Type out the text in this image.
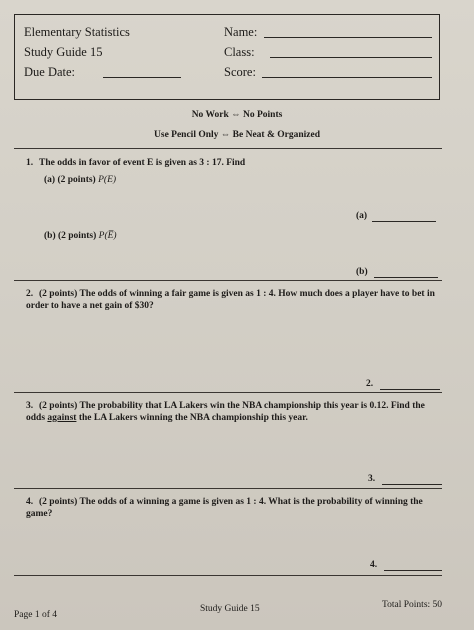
Elementary Statistics
Study Guide 15
Due Date:
Name:
Class:
Score:
No Work ⇔ No Points
Use Pencil Only ⇔ Be Neat & Organized
1. The odds in favor of event E is given as 3 : 17. Find
(a) (2 points) P(E)
(a)
(b) (2 points) P(E̅)
(b)
2. (2 points) The odds of winning a fair game is given as 1 : 4. How much does a player have to bet in order to have a net gain of $30?
2.
3. (2 points) The probability that LA Lakers win the NBA championship this year is 0.12. Find the odds against the LA Lakers winning the NBA championship this year.
3.
4. (2 points) The odds of a winning a game is given as 1 : 4. What is the probability of winning the game?
4.
Page 1 of 4
Study Guide 15	Total Points: 50
